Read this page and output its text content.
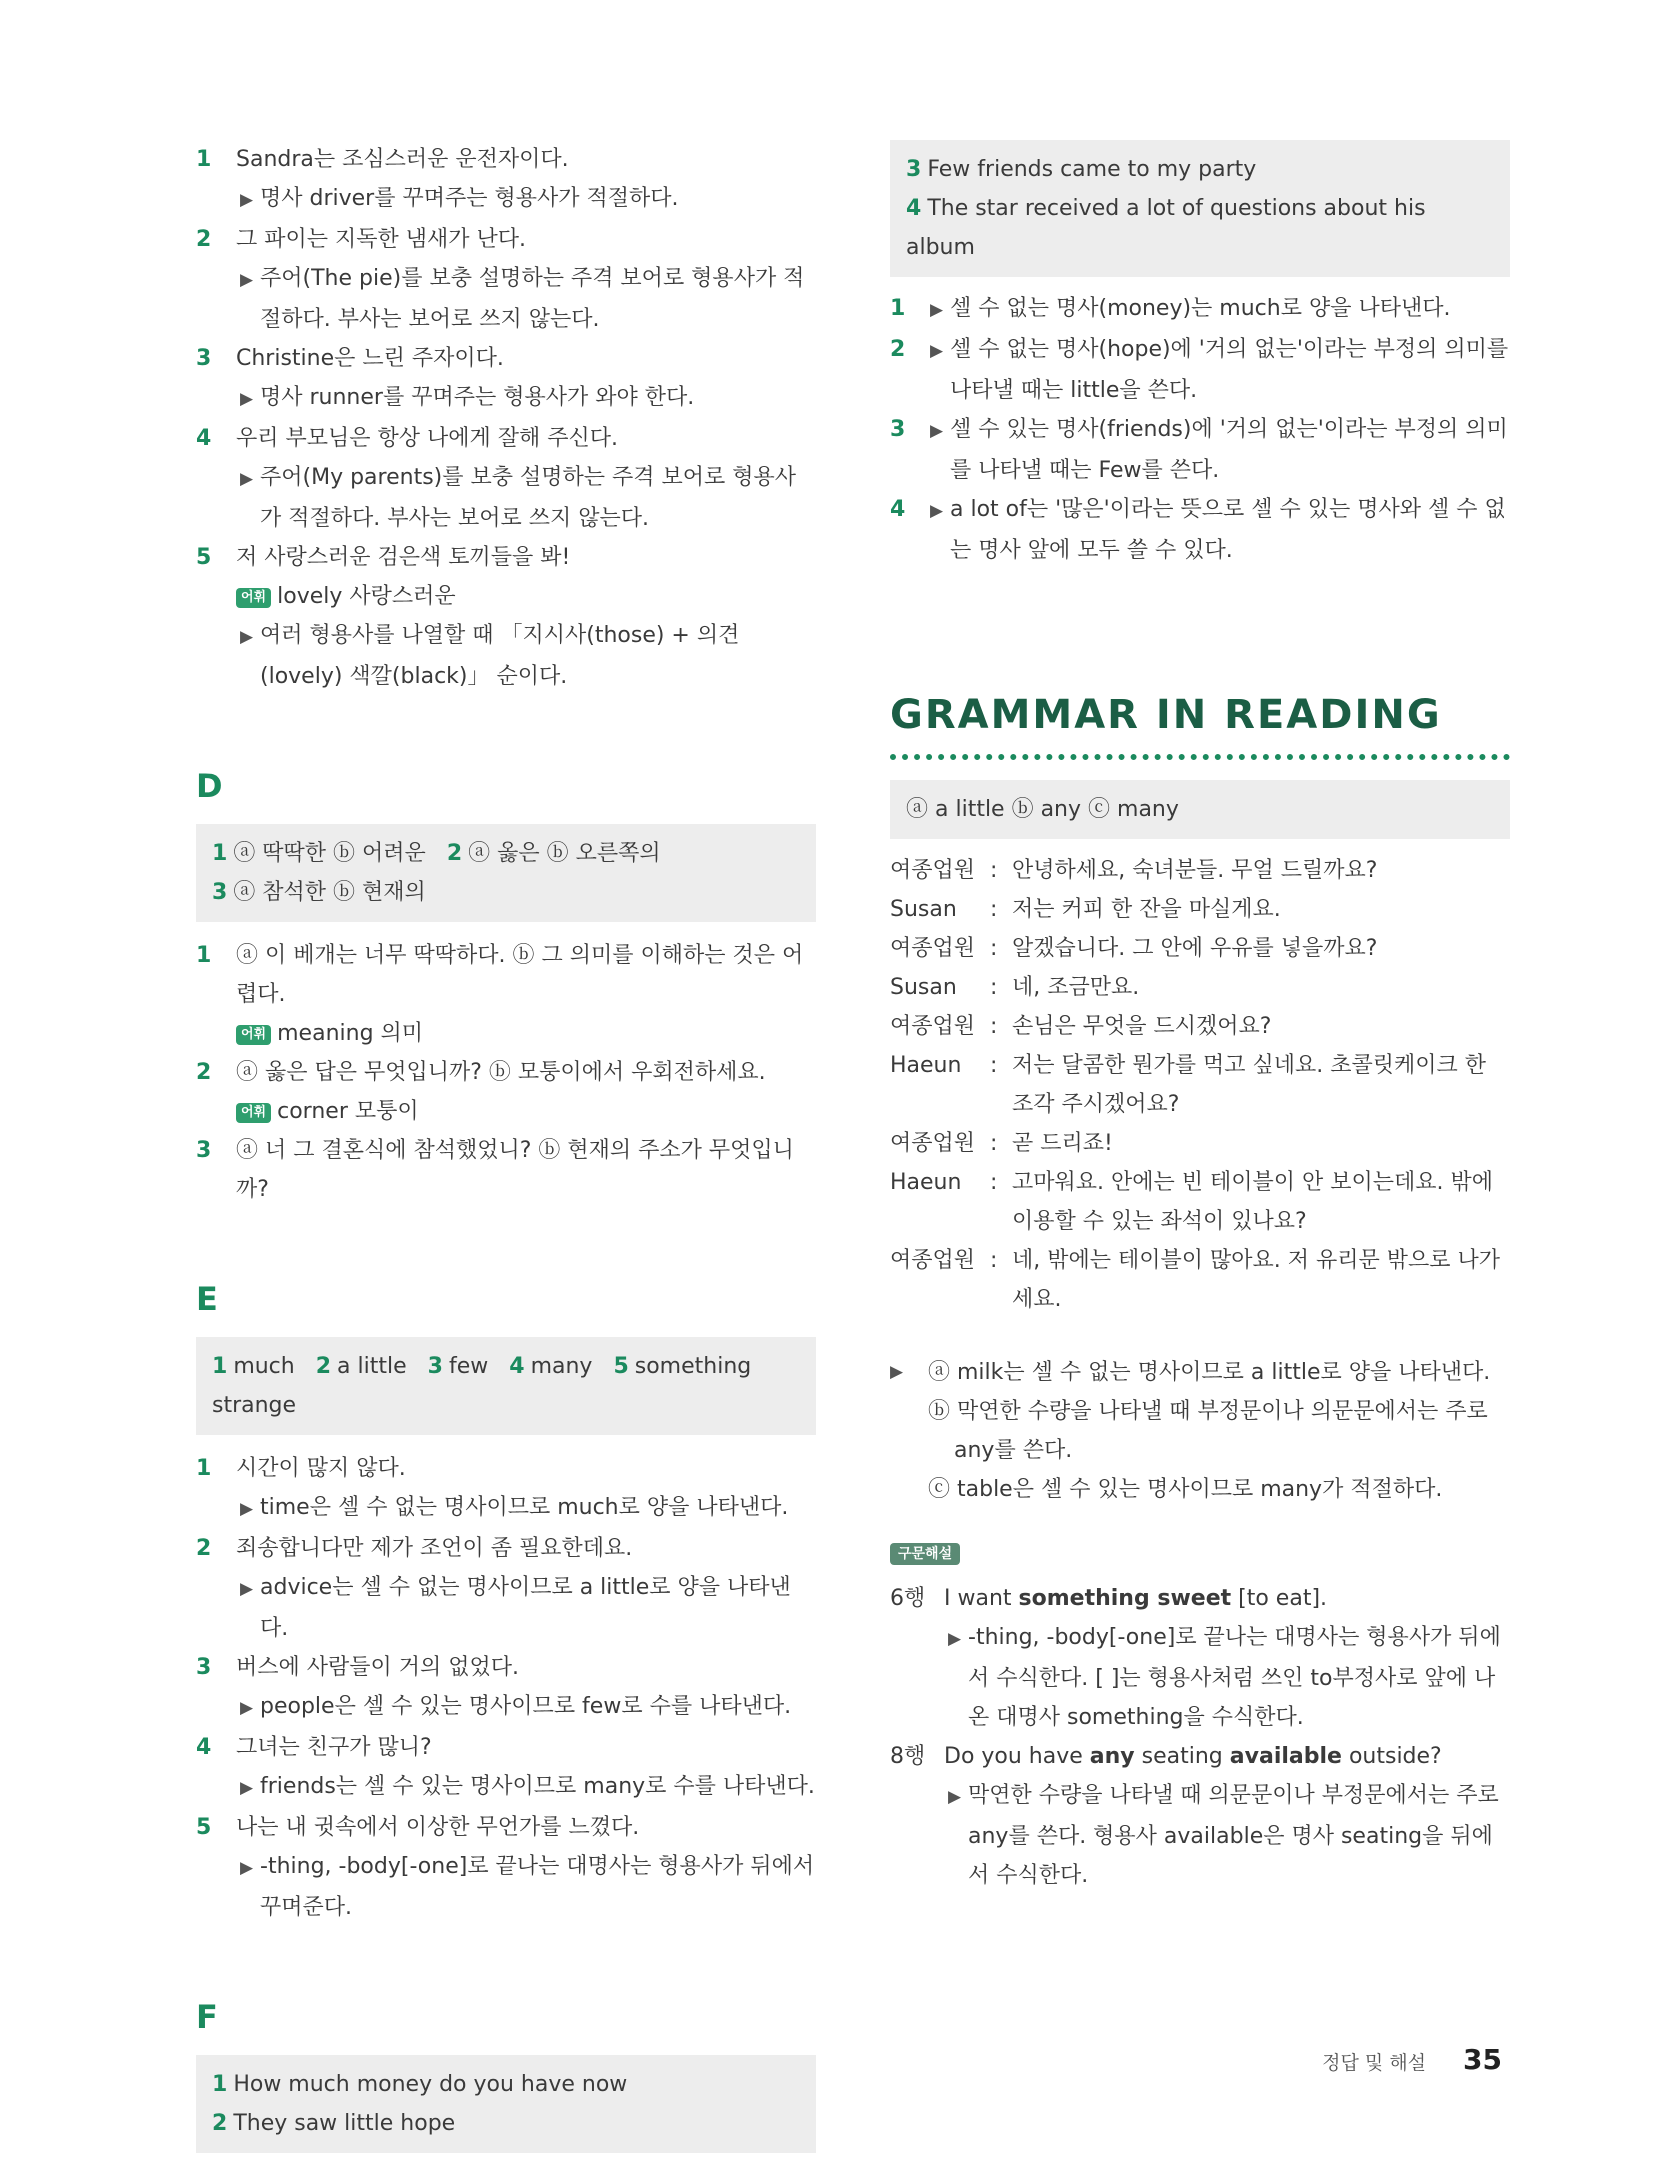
1 Sandra는 조심스러운 운전자이다.
▶ 명사 driver를 꾸며주는 형용사가 적절하다.
2 그 파이는 지독한 냄새가 난다.
▶ 주어(The pie)를 보충 설명하는 주격 보어로 형용사가 적절하다. 부사는 보어로 쓰지 않는다.
3 Christine은 느린 주자이다.
▶ 명사 runner를 꾸며주는 형용사가 와야 한다.
4 우리 부모님은 항상 나에게 잘해 주신다.
▶ 주어(My parents)를 보충 설명하는 주격 보어로 형용사가 적절하다. 부사는 보어로 쓰지 않는다.
5 저 사랑스러운 검은색 토끼들을 봐!
어휘 lovely 사랑스러운
▶ 여러 형용사를 나열할 때 「지시사(those) + 의견(lovely) 색깔(black)」 순이다.
D
1 ⓐ 딱딱한 ⓑ 어려운 2 ⓐ 옳은 ⓑ 오른쪽의
3 ⓐ 참석한 ⓑ 현재의
1 ⓐ 이 베개는 너무 딱딱하다. ⓑ 그 의미를 이해하는 것은 어렵다.
어휘 meaning 의미
2 ⓐ 옳은 답은 무엇입니까? ⓑ 모퉁이에서 우회전하세요.
어휘 corner 모퉁이
3 ⓐ 너 그 결혼식에 참석했었니? ⓑ 현재의 주소가 무엇입니까?
E
1 much 2 a little 3 few 4 many 5 something strange
1 시간이 많지 않다.
▶ time은 셀 수 없는 명사이므로 much로 양을 나타낸다.
2 죄송합니다만 제가 조언이 좀 필요한데요.
▶ advice는 셀 수 없는 명사이므로 a little로 양을 나타낸다.
3 버스에 사람들이 거의 없었다.
▶ people은 셀 수 있는 명사이므로 few로 수를 나타낸다.
4 그녀는 친구가 많니?
▶ friends는 셀 수 있는 명사이므로 many로 수를 나타낸다.
5 나는 내 귓속에서 이상한 무언가를 느꼈다.
▶ -thing, -body[-one]로 끝나는 대명사는 형용사가 뒤에서 꾸며준다.
F
1 How much money do you have now
2 They saw little hope
3 Few friends came to my party
4 The star received a lot of questions about his album
1 ▶ 셀 수 없는 명사(money)는 much로 양을 나타낸다.
2 ▶ 셀 수 없는 명사(hope)에 '거의 없는'이라는 부정의 의미를 나타낼 때는 little을 쓴다.
3 ▶ 셀 수 있는 명사(friends)에 '거의 없는'이라는 부정의 의미를 나타낼 때는 Few를 쓴다.
4 ▶ a lot of는 '많은'이라는 뜻으로 셀 수 있는 명사와 셀 수 없는 명사 앞에 모두 쓸 수 있다.
GRAMMAR IN READING
ⓐ a little ⓑ any ⓒ many
여종업원 : 안녕하세요, 숙녀분들. 무얼 드릴까요?
Susan	: 저는 커피 한 잔을 마실게요.
여종업원 : 알겠습니다. 그 안에 우유를 넣을까요?
Susan	: 네, 조금만요.
여종업원 : 손님은 무엇을 드시겠어요?
Haeun	: 저는 달콤한 뭔가를 먹고 싶네요. 초콜릿케이크 한 조각 주시겠어요?
여종업원 : 곧 드리죠!
Haeun	: 고마워요. 안에는 빈 테이블이 안 보이는데요. 밖에 이용할 수 있는 좌석이 있나요?
여종업원 : 네, 밖에는 테이블이 많아요. 저 유리문 밖으로 나가세요.
▶ ⓐ milk는 셀 수 없는 명사이므로 a little로 양을 나타낸다.
ⓑ 막연한 수량을 나타낼 때 부정문이나 의문문에서는 주로 any를 쓴다.
ⓒ table은 셀 수 있는 명사이므로 many가 적절하다.
구문해설
6행 I want something sweet [to eat].
▶ -thing, -body[-one]로 끝나는 대명사는 형용사가 뒤에서 수식한다. [ ]는 형용사처럼 쓰인 to부정사로 앞에 나온 대명사 something을 수식한다.
8행 Do you have any seating available outside?
▶ 막연한 수량을 나타낼 때 의문문이나 부정문에서는 주로 any를 쓴다. 형용사 available은 명사 seating을 뒤에서 수식한다.
정답 및 해설 35
